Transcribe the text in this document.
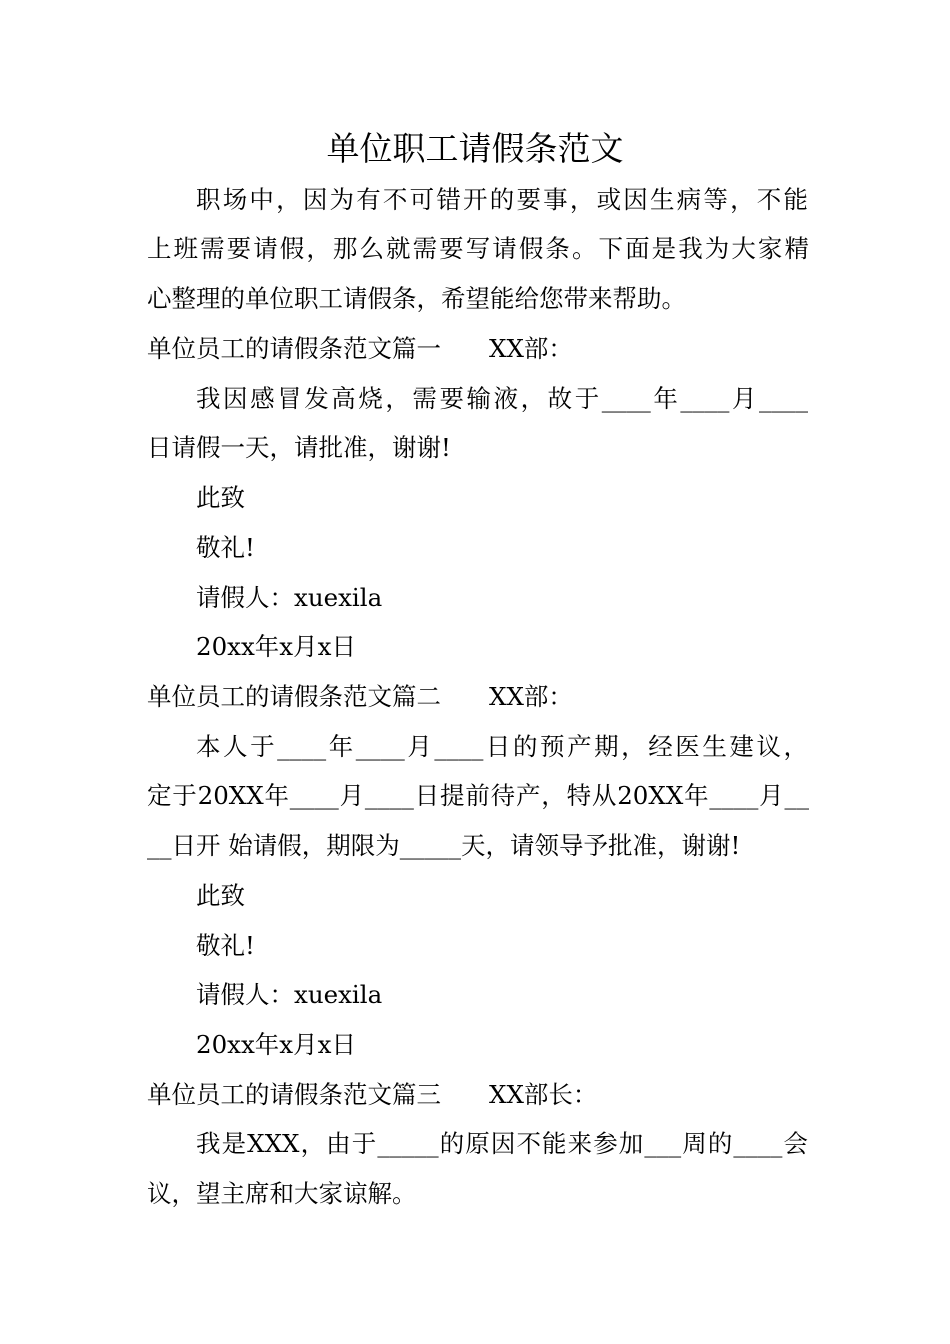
单位职工请假条范文
职场中，因为有不可错开的要事，或因生病等，不能
上班需要请假，那么就需要写请假条。下面是我为大家精
心整理的单位职工请假条，希望能给您带来帮助。
单位员工的请假条范文篇一 XX部：
我因感冒发高烧，需要输液，故于____年____月____
日请假一天，请批准，谢谢!
此致
敬礼!
请假人：xuexila
20xx年x月x日
单位员工的请假条范文篇二 XX部：
本人于____年____月____日的预产期，经医生建议，
定于20XX年____月____日提前待产，特从20XX年____月__
__日开 始请假，期限为_____天，请领导予批准，谢谢!
此致
敬礼!
请假人：xuexila
20xx年x月x日
单位员工的请假条范文篇三 XX部长：
我是XXX，由于_____的原因不能来参加___周的____会
议，望主席和大家谅解。
